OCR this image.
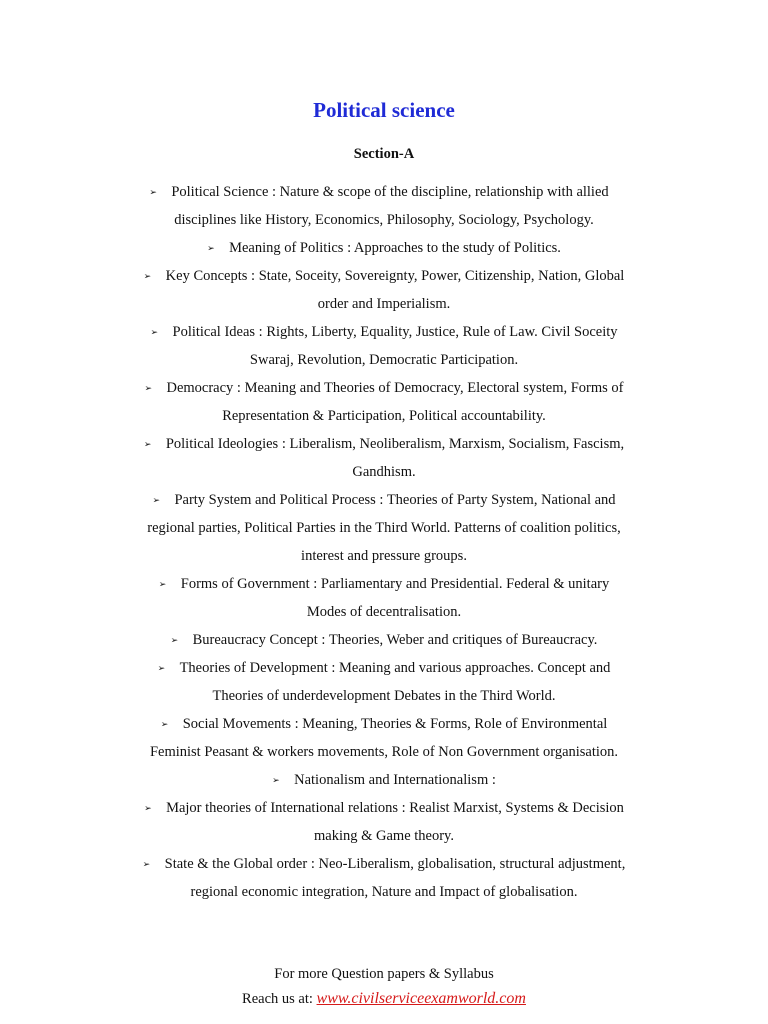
Political science
Section-A
➢ Political Science : Nature & scope of the discipline, relationship with allied
disciplines like History, Economics, Philosophy, Sociology, Psychology.
➢ Meaning of Politics : Approaches to the study of Politics.
➢ Key Concepts : State, Soceity, Sovereignty, Power, Citizenship, Nation, Global
order and Imperialism.
➢ Political Ideas : Rights, Liberty, Equality, Justice, Rule of Law. Civil Soceity
Swaraj, Revolution, Democratic Participation.
➢ Democracy : Meaning and Theories of Democracy, Electoral system, Forms of
Representation & Participation, Political accountability.
➢ Political Ideologies : Liberalism, Neoliberalism, Marxism, Socialism, Fascism,
Gandhism.
➢ Party System and Political Process : Theories of Party System, National and
regional parties, Political Parties in the Third World. Patterns of coalition politics,
interest and pressure groups.
➢ Forms of Government : Parliamentary and Presidential. Federal & unitary
Modes of decentralisation.
➢ Bureaucracy Concept : Theories, Weber and critiques of Bureaucracy.
➢ Theories of Development : Meaning and various approaches. Concept and
Theories of underdevelopment Debates in the Third World.
➢ Social Movements : Meaning, Theories & Forms, Role of Environmental
Feminist Peasant & workers movements, Role of Non Government organisation.
➢ Nationalism and Internationalism :
➢ Major theories of International relations : Realist Marxist, Systems & Decision
making & Game theory.
➢ State & the Global order : Neo-Liberalism, globalisation, structural adjustment,
regional economic integration, Nature and Impact of globalisation.
For more Question papers & Syllabus
Reach us at: www.civilserviceexamworld.com
